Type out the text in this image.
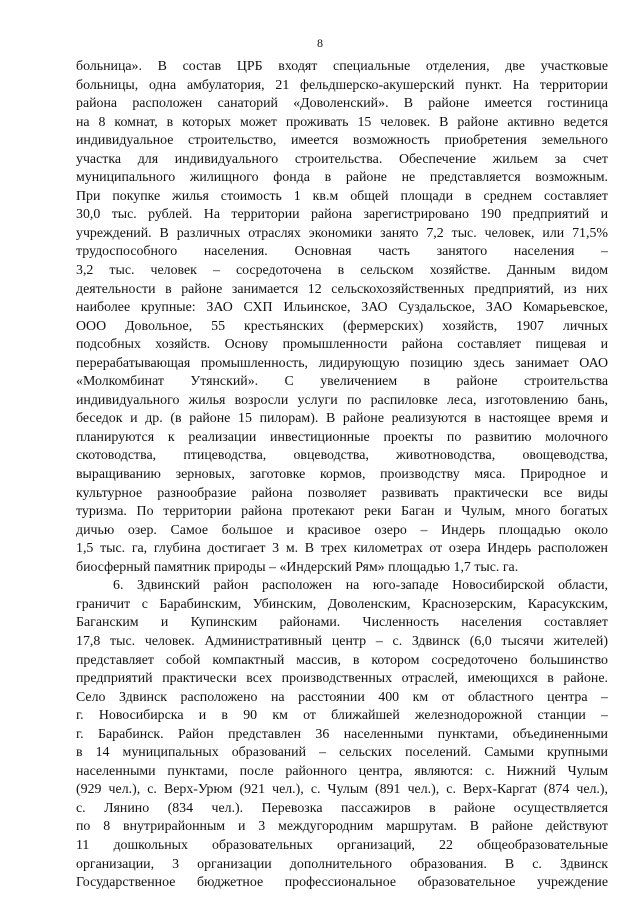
8
больница». В состав ЦРБ входят специальные отделения, две участковые
больницы, одна амбулатория, 21 фельдшерско-акушерский пункт. На территории
района расположен санаторий «Доволенский». В районе имеется гостиница
на 8 комнат, в которых может проживать 15 человек. В районе активно ведется
индивидуальное строительство, имеется возможность приобретения земельного
участка для индивидуального строительства. Обеспечение жильем за счет
муниципального жилищного фонда в районе не представляется возможным.
При покупке жилья стоимость 1 кв.м общей площади в среднем составляет
30,0 тыс. рублей. На территории района зарегистрировано 190 предприятий и
учреждений. В различных отраслях экономики занято 7,2 тыс. человек, или 71,5%
трудоспособного населения. Основная часть занятого населения –
3,2 тыс. человек – сосредоточена в сельском хозяйстве. Данным видом
деятельности в районе занимается 12 сельскохозяйственных предприятий, из них
наиболее крупные: ЗАО СХП Ильинское, ЗАО Суздальское, ЗАО Комарьевское,
ООО Довольное, 55 крестьянских (фермерских) хозяйств, 1907 личных
подсобных хозяйств. Основу промышленности района составляет пищевая и
перерабатывающая промышленность, лидирующую позицию здесь занимает ОАО
«Молкомбинат Утянский». С увеличением в районе строительства
индивидуального жилья возросли услуги по распиловке леса, изготовлению бань,
беседок и др. (в районе 15 пилорам). В районе реализуются в настоящее время и
планируются к реализации инвестиционные проекты по развитию молочного
скотоводства, птицеводства, овцеводства, животноводства, овощеводства,
выращиванию зерновых, заготовке кормов, производству мяса. Природное и
культурное разнообразие района позволяет развивать практически все виды
туризма. По территории района протекают реки Баган и Чулым, много богатых
дичью озер. Самое большое и красивое озеро – Индерь площадью около
1,5 тыс. га, глубина достигает 3 м. В трех километрах от озера Индерь расположен
биосферный памятник природы – «Индерский Рям» площадью 1,7 тыс. га.
6. Здвинский район расположен на юго-западе Новосибирской области,
граничит с Барабинским, Убинским, Доволенским, Краснозерским, Карасукским,
Баганским и Купинским районами. Численность населения составляет
17,8 тыс. человек. Административный центр – с. Здвинск (6,0 тысячи жителей)
представляет собой компактный массив, в котором сосредоточено большинство
предприятий практически всех производственных отраслей, имеющихся в районе.
Село Здвинск расположено на расстоянии 400 км от областного центра –
г. Новосибирска и в 90 км от ближайшей железнодорожной станции –
г. Барабинск. Район представлен 36 населенными пунктами, объединенными
в 14 муниципальных образований – сельских поселений. Самыми крупными
населенными пунктами, после районного центра, являются: с. Нижний Чулым
(929 чел.), с. Верх-Урюм (921 чел.), с. Чулым (891 чел.), с. Верх-Каргат (874 чел.),
с. Лянино (834 чел.). Перевозка пассажиров в районе осуществляется
по 8 внутрирайонным и 3 междугородним маршрутам. В районе действуют
11 дошкольных образовательных организаций, 22 общеобразовательные
организации, 3 организации дополнительного образования. В с. Здвинск
Государственное бюджетное профессиональное образовательное учреждение
